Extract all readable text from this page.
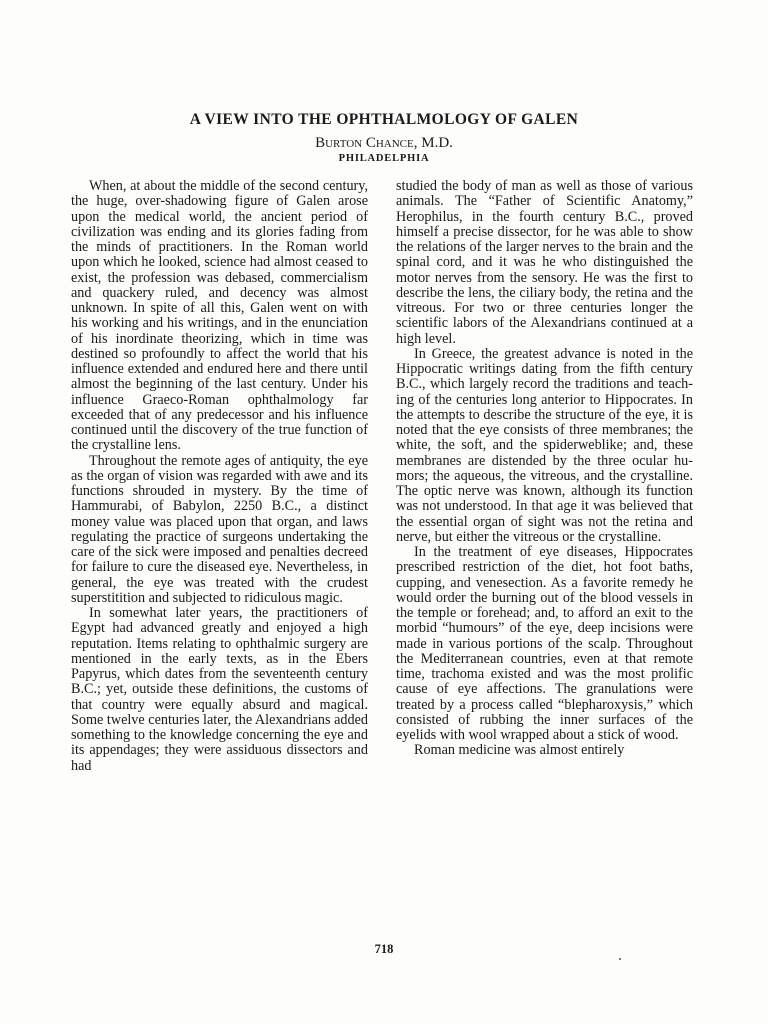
A VIEW INTO THE OPHTHALMOLOGY OF GALEN
Burton Chance, M.D.
PHILADELPHIA

When, at about the middle of the second century, the huge, over-shadowing figure of Galen arose upon the medical world, the ancient period of civilization was ending and its glories fading from the minds of practitioners. In the Roman world upon which he looked, science had almost ceased to exist, the profession was debased, commercialism and quackery ruled, and decency was almost unknown. In spite of all this, Galen went on with his working and his writings, and in the enunciation of his inordinate theorizing, which in time was destined so profoundly to affect the world that his influence extended and endured here and there until almost the beginning of the last century. Under his influence Graeco-Roman ophthalmology far exceeded that of any predecessor and his influence continued until the discovery of the true function of the crystalline lens.

Throughout the remote ages of antiquity, the eye as the organ of vision was regarded with awe and its functions shrouded in mystery. By the time of Hammurabi, of Babylon, 2250 B.C., a distinct money value was placed upon that organ, and laws regulating the practice of surgeons undertaking the care of the sick were imposed and penalties decreed for failure to cure the diseased eye. Nevertheless, in general, the eye was treated with the crudest superstitition and subjected to ridiculous magic.

In somewhat later years, the practitioners of Egypt had advanced greatly and enjoyed a high reputation. Items relating to ophthalmic surgery are mentioned in the early texts, as in the Ebers Papyrus, which dates from the seventeenth century B.C.; yet, outside these definitions, the customs of that country were equally absurd and magical. Some twelve centuries later, the Alexandrians added something to the knowledge concerning the eye and its appendages; they were assiduous dissectors and had

studied the body of man as well as those of various animals. The “Father of Scientific Anatomy,” Herophilus, in the fourth century B.C., proved himself a precise dissector, for he was able to show the relations of the larger nerves to the brain and the spinal cord, and it was he who distinguished the motor nerves from the sensory. He was the first to describe the lens, the ciliary body, the retina and the vitreous. For two or three centuries longer the scientific labors of the Alexandrians continued at a high level.

In Greece, the greatest advance is noted in the Hippocratic writings dating from the fifth century B.C., which largely record the traditions and teaching of the centuries long anterior to Hippocrates. In the attempts to describe the structure of the eye, it is noted that the eye consists of three membranes; the white, the soft, and the spiderweblike; and, these membranes are distended by the three ocular humors; the aqueous, the vitreous, and the crystalline. The optic nerve was known, although its function was not understood. In that age it was believed that the essential organ of sight was not the retina and nerve, but either the vitreous or the crystalline.

In the treatment of eye diseases, Hippocrates prescribed restriction of the diet, hot foot baths, cupping, and venesection. As a favorite remedy he would order the burning out of the blood vessels in the temple or forehead; and, to afford an exit to the morbid “humours” of the eye, deep incisions were made in various portions of the scalp. Throughout the Mediterranean countries, even at that remote time, trachoma existed and was the most prolific cause of eye affections. The granulations were treated by a process called “blepharoxysis,” which consisted of rubbing the inner surfaces of the eyelids with wool wrapped about a stick of wood.

Roman medicine was almost entirely

718
